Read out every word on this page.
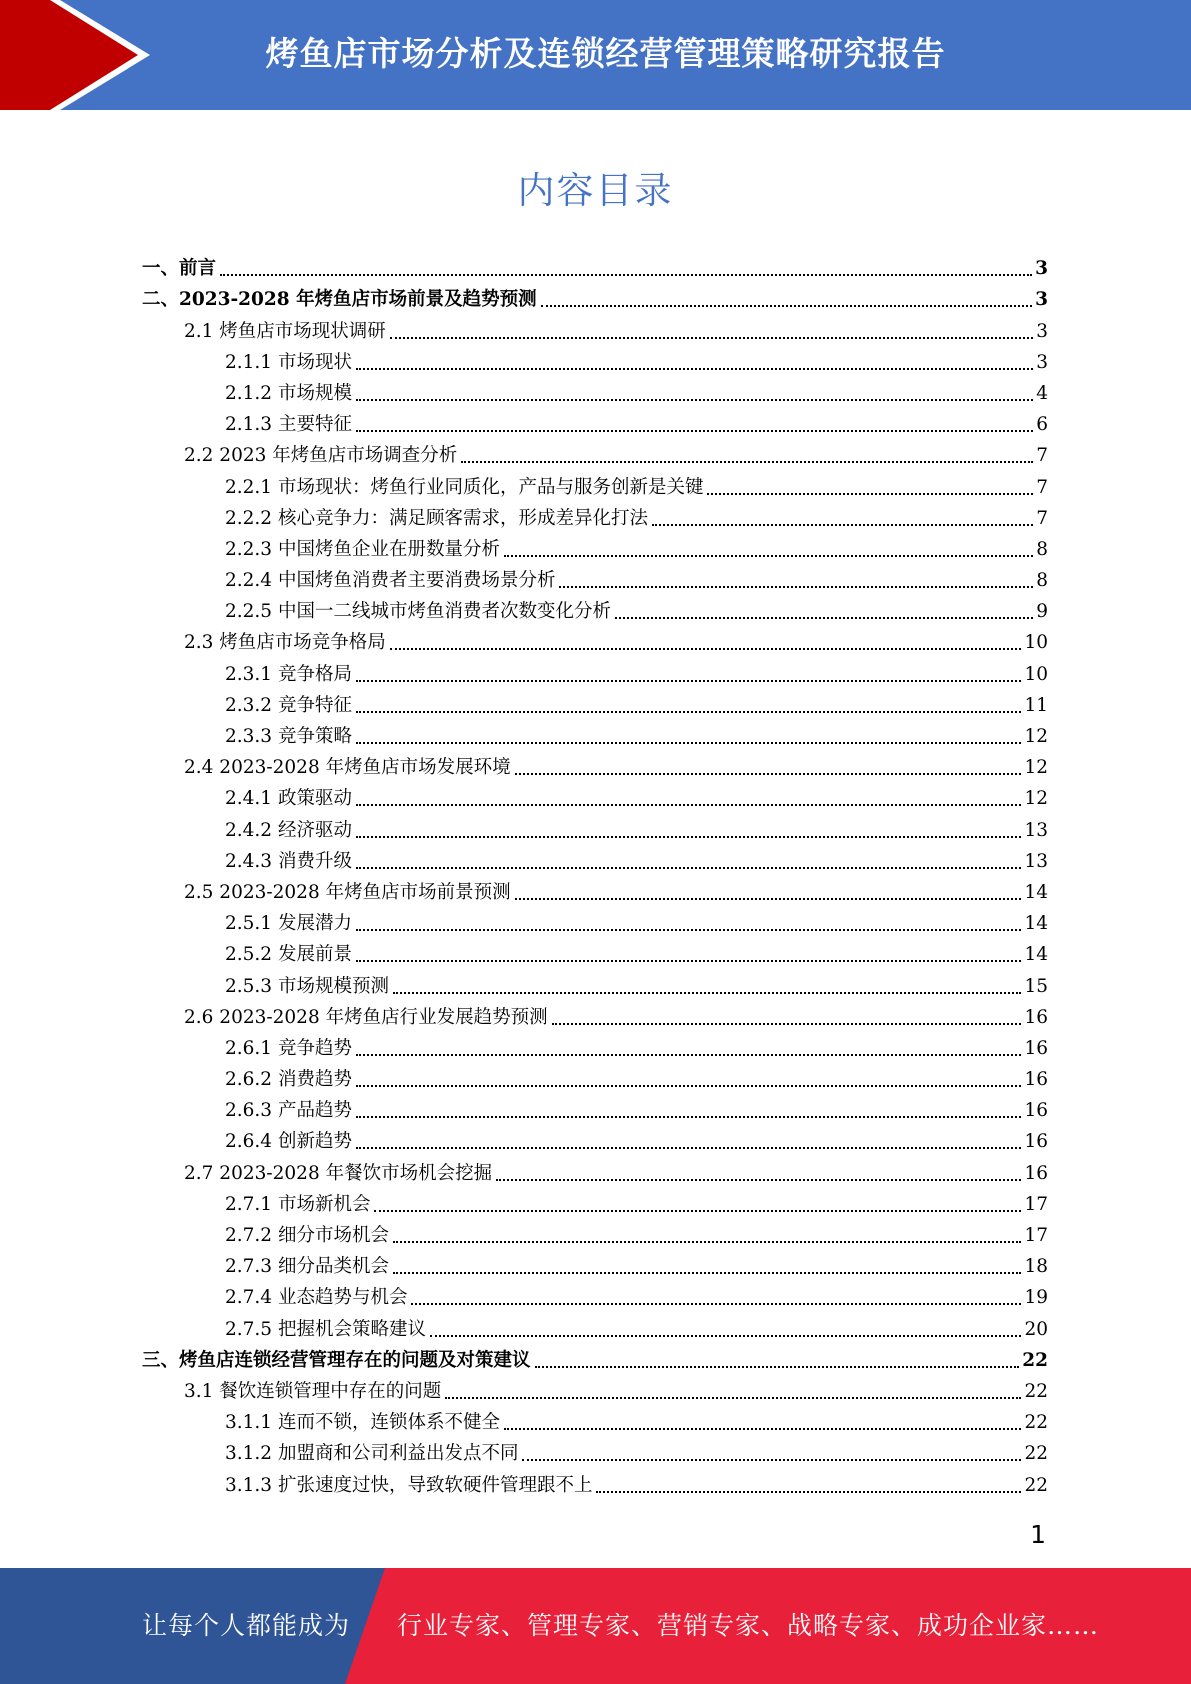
烤鱼店市场分析及连锁经营管理策略研究报告
内容目录
一、前言	3
二、2023-2028 年烤鱼店市场前景及趋势预测	3
2.1 烤鱼店市场现状调研	3
2.1.1 市场现状	3
2.1.2 市场规模	4
2.1.3 主要特征	6
2.2 2023 年烤鱼店市场调查分析	7
2.2.1 市场现状：烤鱼行业同质化，产品与服务创新是关键	7
2.2.2 核心竞争力：满足顾客需求，形成差异化打法	7
2.2.3 中国烤鱼企业在册数量分析	8
2.2.4 中国烤鱼消费者主要消费场景分析	8
2.2.5 中国一二线城市烤鱼消费者次数变化分析	9
2.3 烤鱼店市场竞争格局	10
2.3.1 竞争格局	10
2.3.2 竞争特征	11
2.3.3 竞争策略	12
2.4 2023-2028 年烤鱼店市场发展环境	12
2.4.1 政策驱动	12
2.4.2 经济驱动	13
2.4.3 消费升级	13
2.5 2023-2028 年烤鱼店市场前景预测	14
2.5.1 发展潜力	14
2.5.2 发展前景	14
2.5.3 市场规模预测	15
2.6 2023-2028 年烤鱼店行业发展趋势预测	16
2.6.1 竞争趋势	16
2.6.2 消费趋势	16
2.6.3 产品趋势	16
2.6.4 创新趋势	16
2.7 2023-2028 年餐饮市场机会挖掘	16
2.7.1 市场新机会	17
2.7.2 细分市场机会	17
2.7.3 细分品类机会	18
2.7.4 业态趋势与机会	19
2.7.5 把握机会策略建议	20
三、烤鱼店连锁经营管理存在的问题及对策建议	22
3.1 餐饮连锁管理中存在的问题	22
3.1.1 连而不锁，连锁体系不健全	22
3.1.2 加盟商和公司利益出发点不同	22
3.1.3 扩张速度过快，导致软硬件管理跟不上	22
1
让每个人都能成为 行业专家、管理专家、营销专家、战略专家、成功企业家……
